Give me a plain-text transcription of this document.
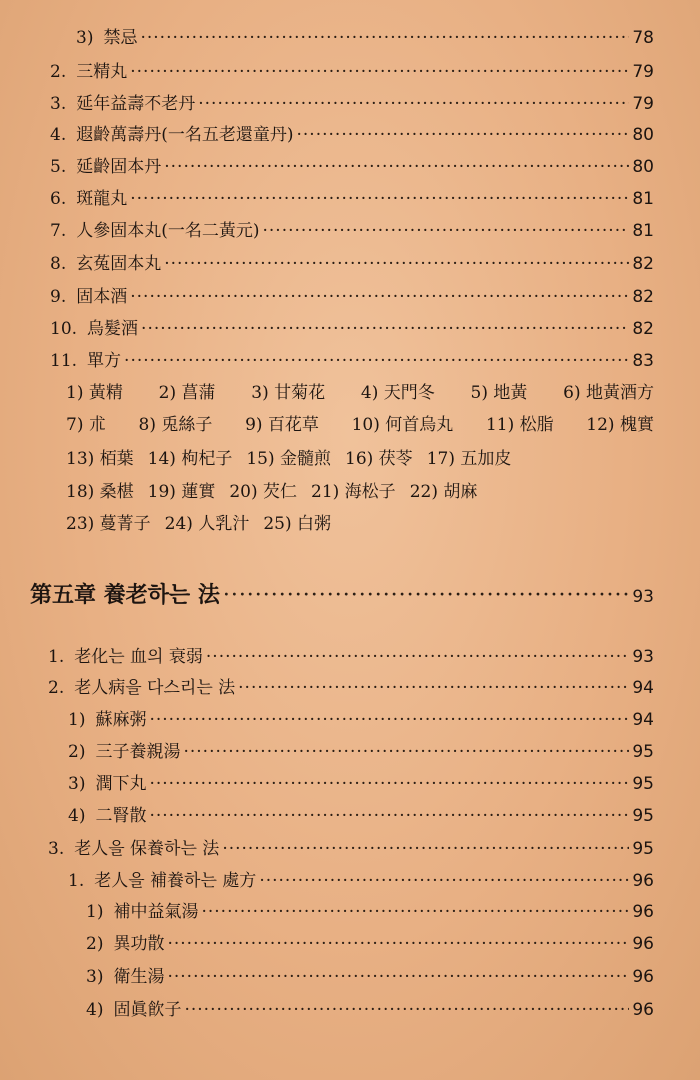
3) 禁忌 ·····	78
2. 三精丸 ·····	79
3. 延年益壽不老丹 ·····	79
4. 遐齡萬壽丹(一名五老還童丹) ·····	80
5. 延齡固本丹 ·····	80
6. 斑龍丸 ·····	81
7. 人參固本丸(一名二黃元) ·····	81
8. 玄菟固本丸 ·····	82
9. 固本酒 ·····	82
10. 烏髮酒 ·····	82
11. 單方 ·····	83
1) 黃精 2) 菖蒲 3) 甘菊花 4) 天門冬 5) 地黃 6) 地黃酒方
7) 朮 8) 兎絲子 9) 百花草 10) 何首烏丸 11) 松脂 12) 槐實
13) 栢葉 14) 枸杞子 15) 金髓煎 16) 茯苓 17) 五加皮
18) 桑椹 19) 蓮實 20) 芡仁 21) 海松子 22) 胡麻
23) 蔓菁子 24) 人乳汁 25) 白粥
第五章 養老하는 法 ·····	93
1. 老化는 血의 衰弱 ·····	93
2. 老人病을 다스리는 法 ·····	94
1) 蘇麻粥 ·····	94
2) 三子養親湯 ·····	95
3) 潤下丸 ·····	95
4) 二腎散 ·····	95
3. 老人을 保養하는 法 ·····	95
1. 老人을 補養하는 處方 ·····	96
1) 補中益氣湯 ·····	96
2) 異功散 ·····	96
3) 衛生湯 ·····	96
4) 固眞飮子 ·····	96
